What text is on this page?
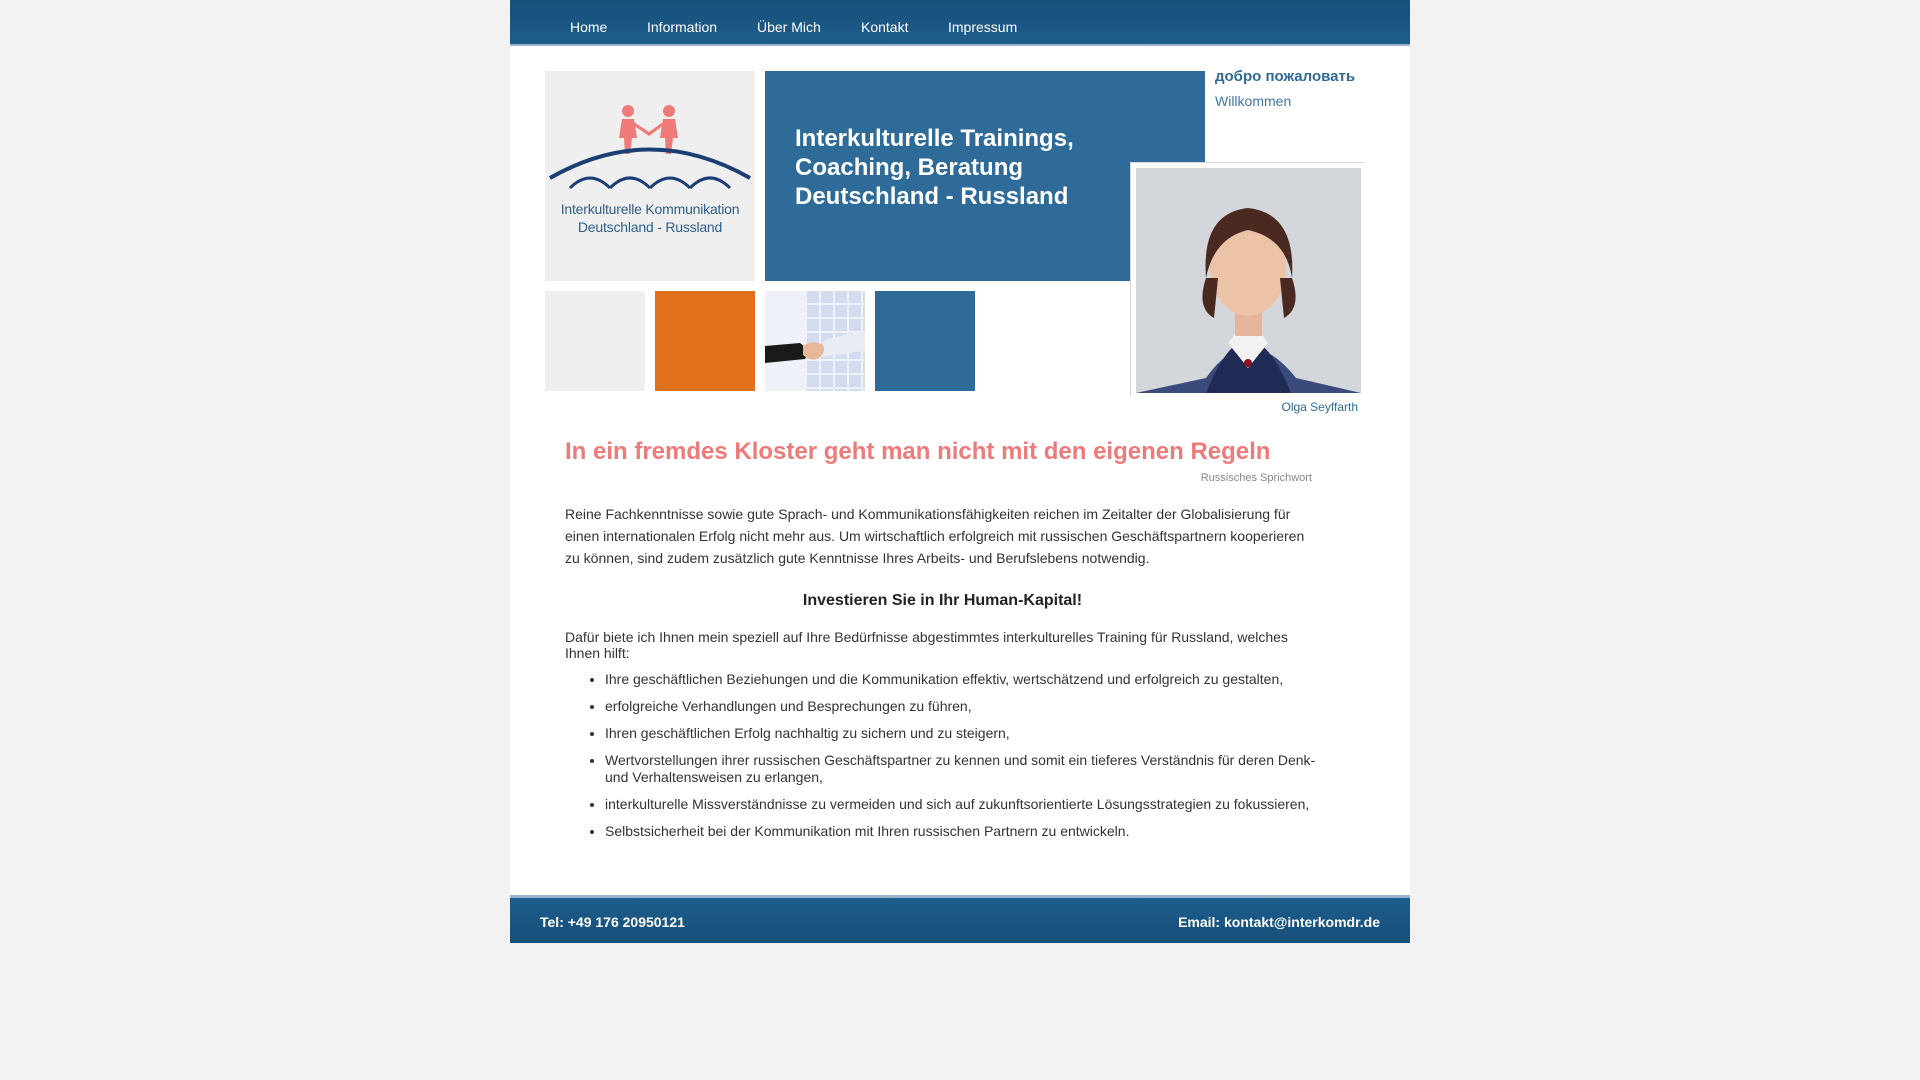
Home	Information	Über Mich	Kontakt	Impressum
Interkulturelle Kommunikation
Deutschland - Russland
Interkulturelle Trainings,
Coaching, Beratung
Deutschland - Russland
добро пожаловать
Willkommen
Olga Seyffarth
In ein fremdes Kloster geht man nicht mit den eigenen Regeln
Russisches Sprichwort

Reine Fachkenntnisse sowie gute Sprach- und Kommunikationsfähigkeiten reichen im Zeitalter der Globalisierung für einen internationalen Erfolg nicht mehr aus. Um wirtschaftlich erfolgreich mit russischen Geschäftspartnern kooperieren zu können, sind zudem zusätzlich gute Kenntnisse Ihres Arbeits- und Berufslebens notwendig.

Investieren Sie in Ihr Human-Kapital!

Dafür biete ich Ihnen mein speziell auf Ihre Bedürfnisse abgestimmtes interkulturelles Training für Russland, welches Ihnen hilft:

• Ihre geschäftlichen Beziehungen und die Kommunikation effektiv, wertschätzend und erfolgreich zu gestalten,
• erfolgreiche Verhandlungen und Besprechungen zu führen,
• Ihren geschäftlichen Erfolg nachhaltig zu sichern und zu steigern,
• Wertvorstellungen ihrer russischen Geschäftspartner zu kennen und somit ein tieferes Verständnis für deren Denk-und Verhaltensweisen zu erlangen,
• interkulturelle Missverständnisse zu vermeiden und sich auf zukunftsorientierte Lösungsstrategien zu fokussieren,
• Selbstsicherheit bei der Kommunikation mit Ihren russischen Partnern zu entwickeln.
Tel: +49 176 20950121	Email: kontakt@interkomdr.de
